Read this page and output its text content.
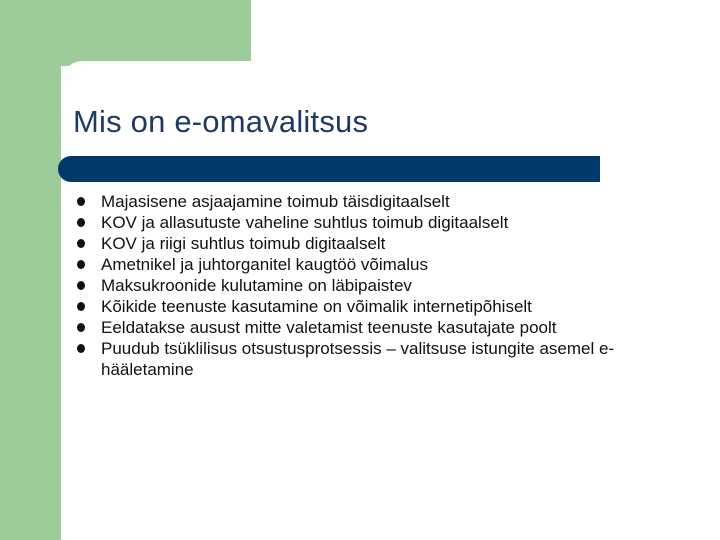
Mis on e-omavalitsus
Majasisene asjaajamine toimub täisdigitaalselt
KOV ja allasutuste vaheline suhtlus toimub digitaalselt
KOV ja riigi suhtlus toimub digitaalselt
Ametnikel ja juhtorganitel kaugtöö võimalus
Maksukroonide kulutamine on läbipaistev
Kõikide teenuste kasutamine on võimalik internetipõhiselt
Eeldatakse ausust mitte valetamist teenuste kasutajate poolt
Puudub tsüklilisus otsustusprotsessis – valitsuse istungite asemel e-hääletamine
